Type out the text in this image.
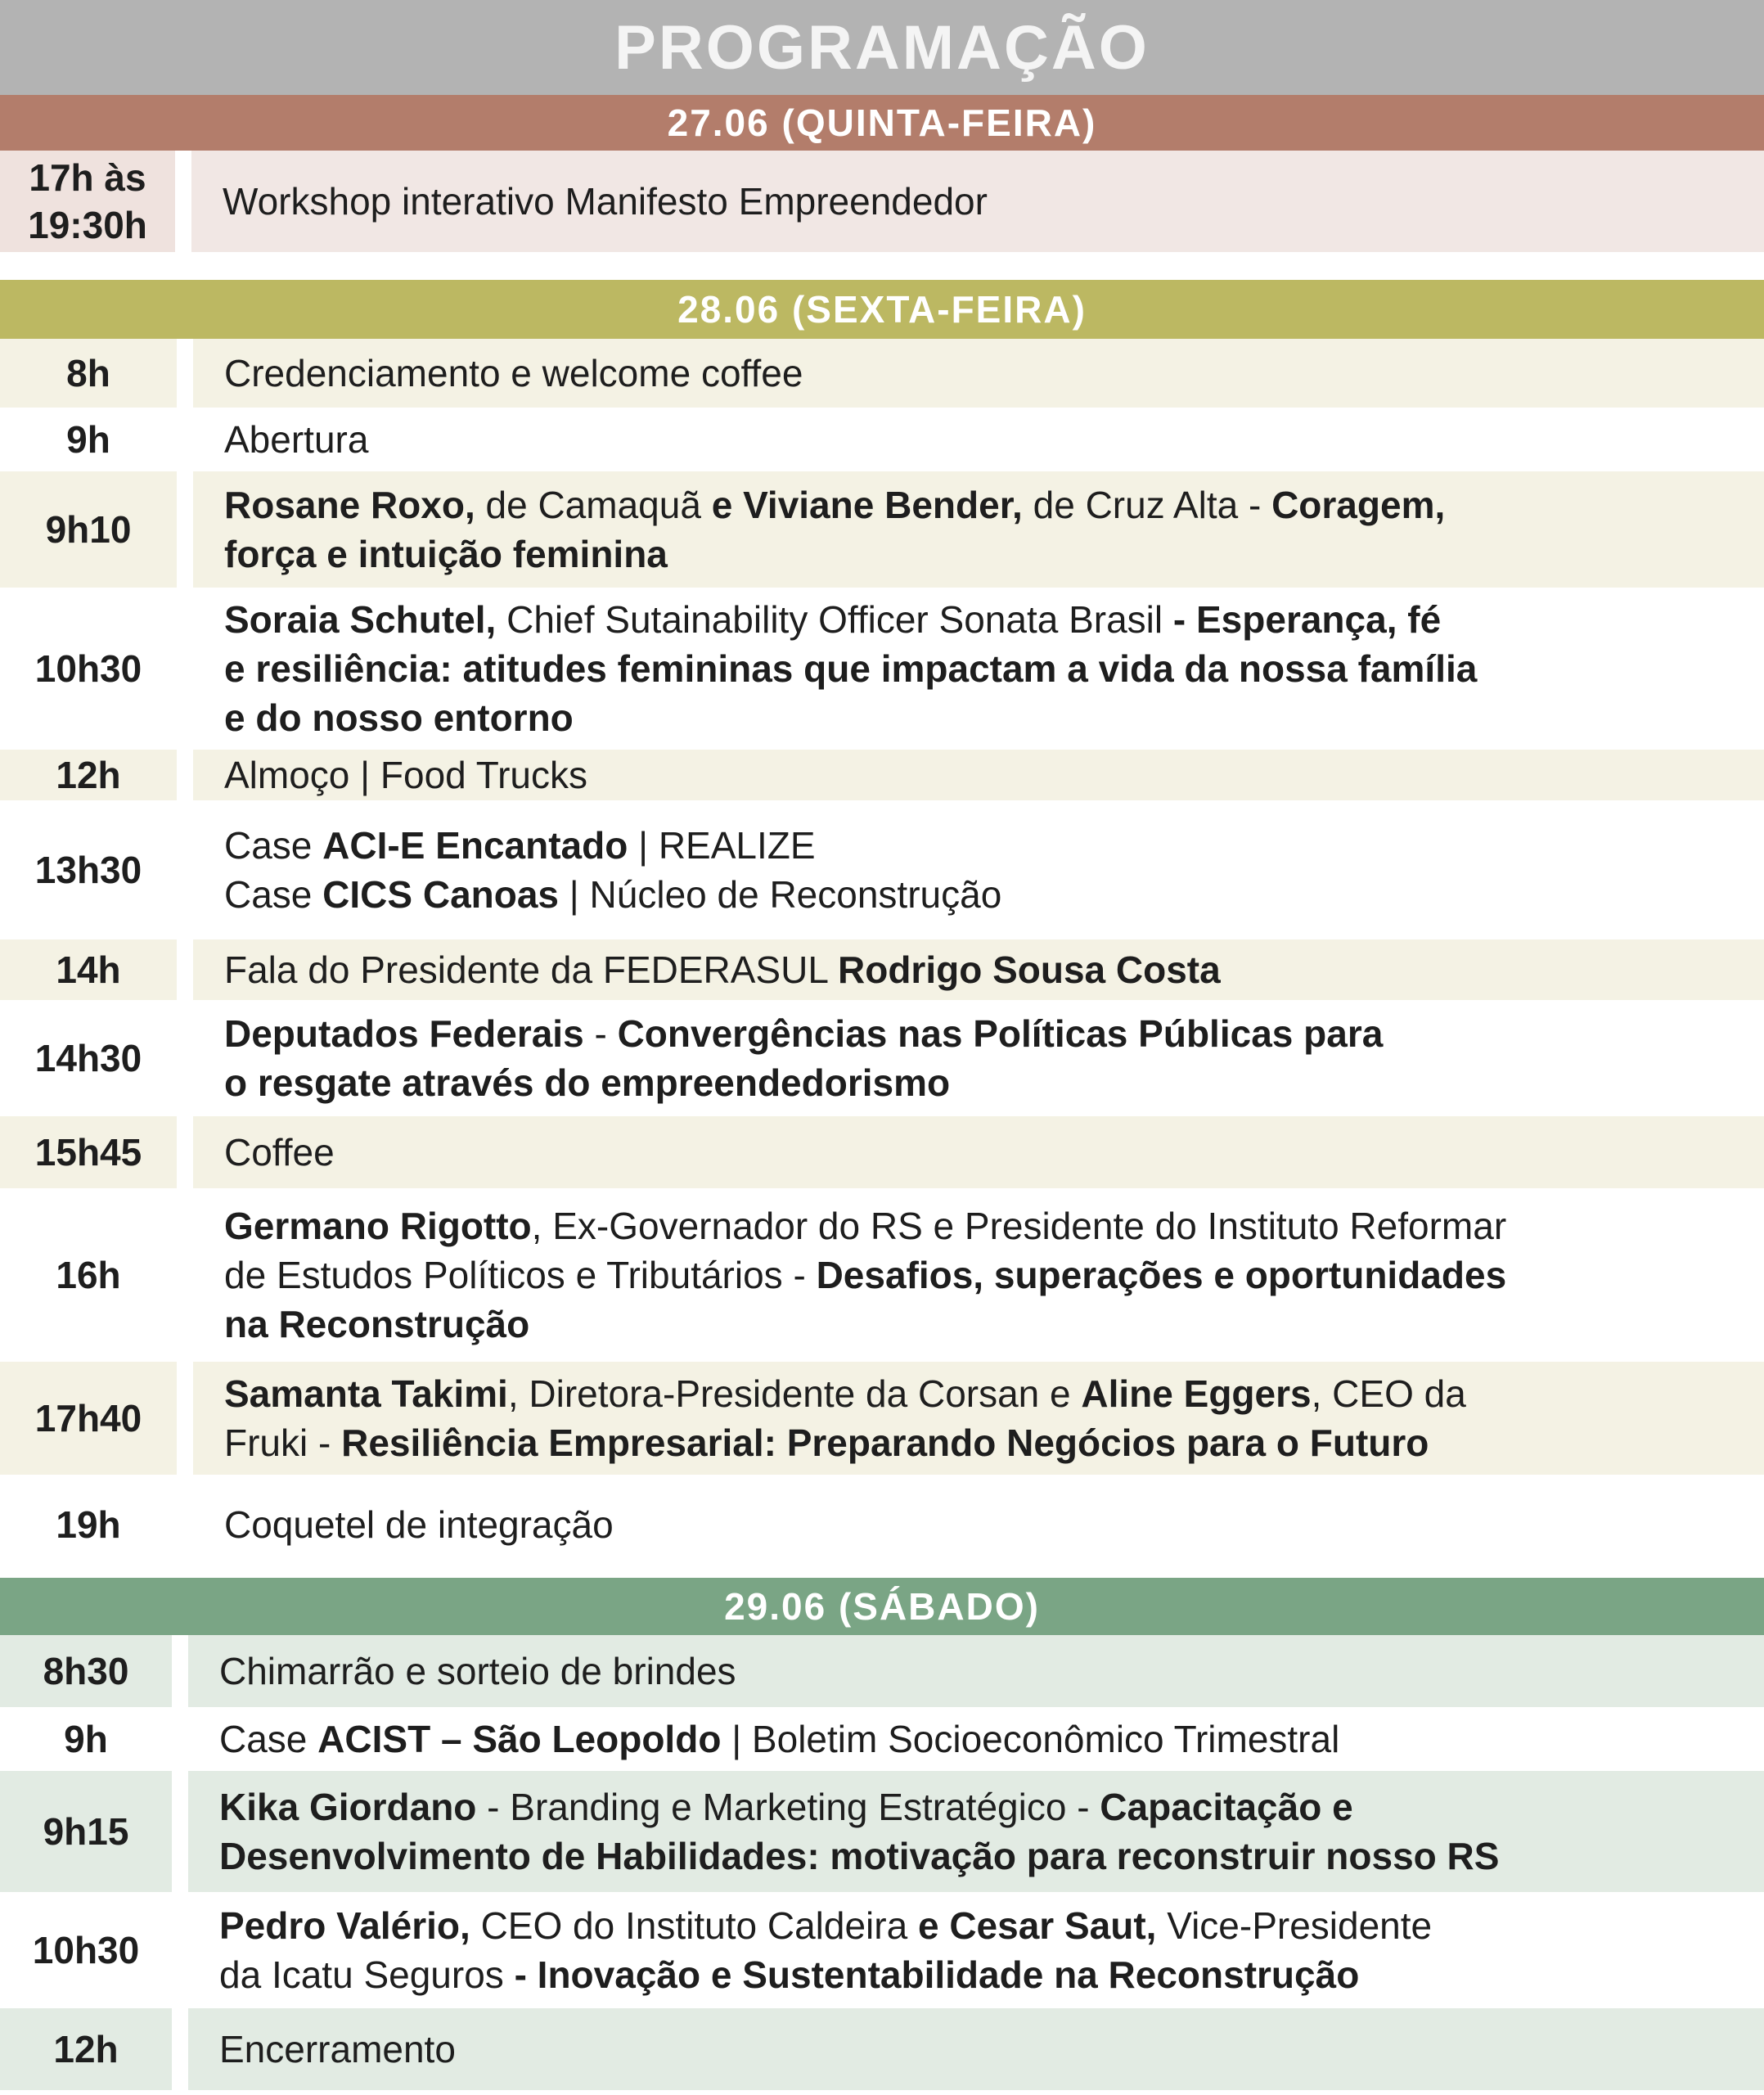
PROGRAMAÇÃO
27.06 (QUINTA-FEIRA)
17h às 19:30h
Workshop interativo Manifesto Empreendedor
28.06 (SEXTA-FEIRA)
8h	Credenciamento e welcome coffee
9h	Abertura
9h10
Rosane Roxo, de Camaquã e Viviane Bender, de Cruz Alta - Coragem,
força e intuição feminina
10h30
Soraia Schutel, Chief Sutainability Officer Sonata Brasil - Esperança, fé
e resiliência: atitudes femininas que impactam a vida da nossa família
e do nosso entorno
12h	Almoço | Food Trucks
13h30
Case ACI-E Encantado | REALIZE
Case CICS Canoas | Núcleo de Reconstrução
14h	Fala do Presidente da FEDERASUL Rodrigo Sousa Costa
14h30
Deputados Federais - Convergências nas Políticas Públicas para
o resgate através do empreendedorismo
15h45	Coffee
16h
Germano Rigotto, Ex-Governador do RS e Presidente do Instituto Reformar
de Estudos Políticos e Tributários - Desafios, superações e oportunidades
na Reconstrução
17h40
Samanta Takimi, Diretora-Presidente da Corsan e Aline Eggers, CEO da
Fruki - Resiliência Empresarial: Preparando Negócios para o Futuro
19h	Coquetel de integração
29.06 (SÁBADO)
8h30	Chimarrão e sorteio de brindes
9h	Case ACIST – São Leopoldo | Boletim Socioeconômico Trimestral
9h15
Kika Giordano - Branding e Marketing Estratégico - Capacitação e
Desenvolvimento de Habilidades: motivação para reconstruir nosso RS
10h30
Pedro Valério, CEO do Instituto Caldeira e Cesar Saut, Vice-Presidente
da Icatu Seguros - Inovação e Sustentabilidade na Reconstrução
12h	Encerramento
